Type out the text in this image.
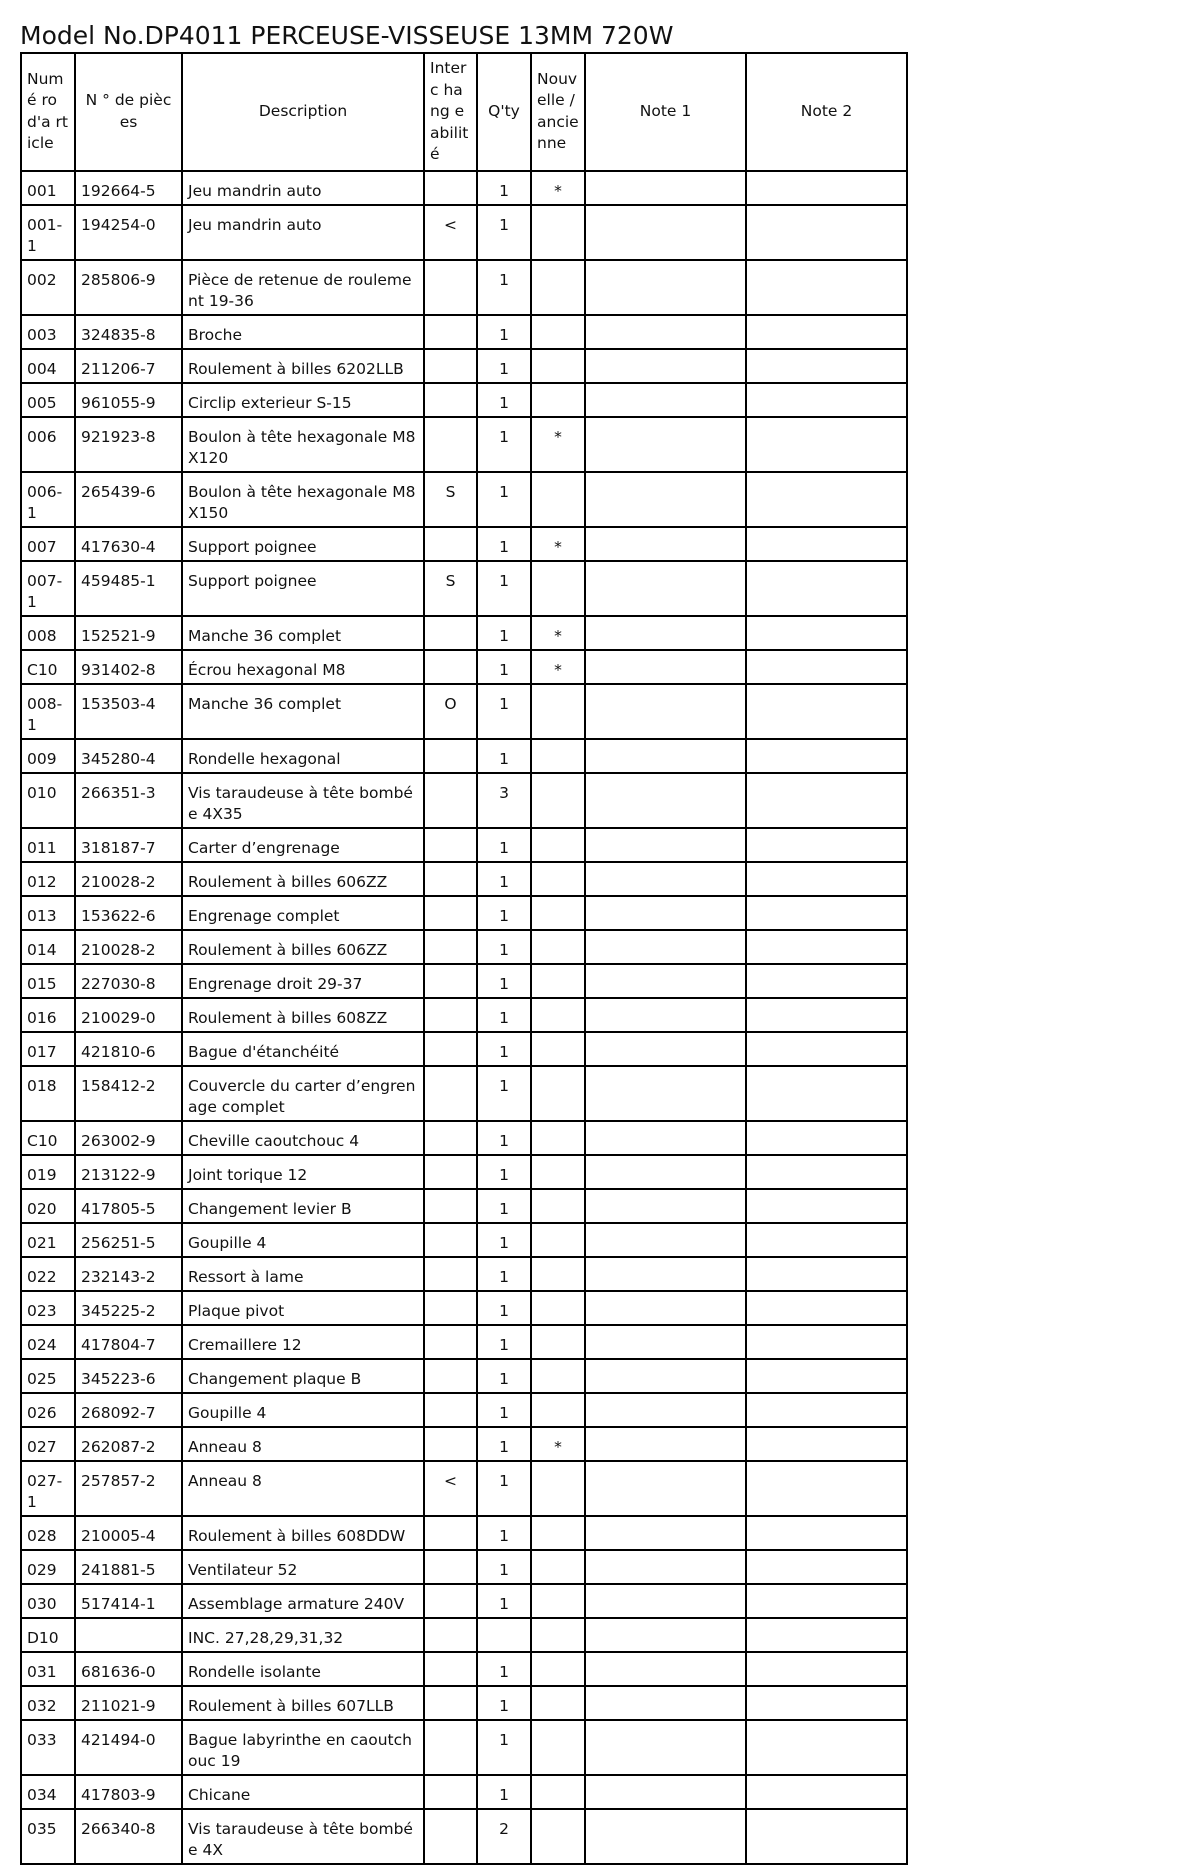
Model No.DP4011 PERCEUSE-VISSEUSE 13MM 720W
Numé ro d'a rticle	N ° de pièces	Description	Interc hang eabilit é	Q'ty	Nouv elle / ancie nne	Note 1	Note 2
001	192664-5	Jeu mandrin auto		1	*		
001-1	194254-0	Jeu mandrin auto	<	1			
002	285806-9	Pièce de retenue de roulement 19-36		1			
003	324835-8	Broche		1			
004	211206-7	Roulement à billes 6202LLB		1			
005	961055-9	Circlip exterieur S-15		1			
006	921923-8	Boulon à tête hexagonale M8X120		1	*		
006-1	265439-6	Boulon à tête hexagonale M8X150	S	1			
007	417630-4	Support poignee		1	*		
007-1	459485-1	Support poignee	S	1			
008	152521-9	Manche 36 complet		1	*		
C10	931402-8	Écrou hexagonal M8		1	*		
008-1	153503-4	Manche 36 complet	O	1			
009	345280-4	Rondelle hexagonal		1			
010	266351-3	Vis taraudeuse à tête bombée 4X35		3			
011	318187-7	Carter d’engrenage		1			
012	210028-2	Roulement à billes 606ZZ		1			
013	153622-6	Engrenage complet		1			
014	210028-2	Roulement à billes 606ZZ		1			
015	227030-8	Engrenage droit 29-37		1			
016	210029-0	Roulement à billes 608ZZ		1			
017	421810-6	Bague d'étanchéité		1			
018	158412-2	Couvercle du carter d’engrenage complet		1			
C10	263002-9	Cheville caoutchouc 4		1			
019	213122-9	Joint torique 12		1			
020	417805-5	Changement levier B		1			
021	256251-5	Goupille 4		1			
022	232143-2	Ressort à lame		1			
023	345225-2	Plaque pivot		1			
024	417804-7	Cremaillere 12		1			
025	345223-6	Changement plaque B		1			
026	268092-7	Goupille 4		1			
027	262087-2	Anneau 8		1	*		
027-1	257857-2	Anneau 8	<	1			
028	210005-4	Roulement à billes 608DDW		1			
029	241881-5	Ventilateur 52		1			
030	517414-1	Assemblage armature 240V		1			
D10		INC. 27,28,29,31,32					
031	681636-0	Rondelle isolante		1			
032	211021-9	Roulement à billes 607LLB		1			
033	421494-0	Bague labyrinthe en caoutchouc 19		1			
034	417803-9	Chicane		1			
035	266340-8	Vis taraudeuse à tête bombée 4X		2			
